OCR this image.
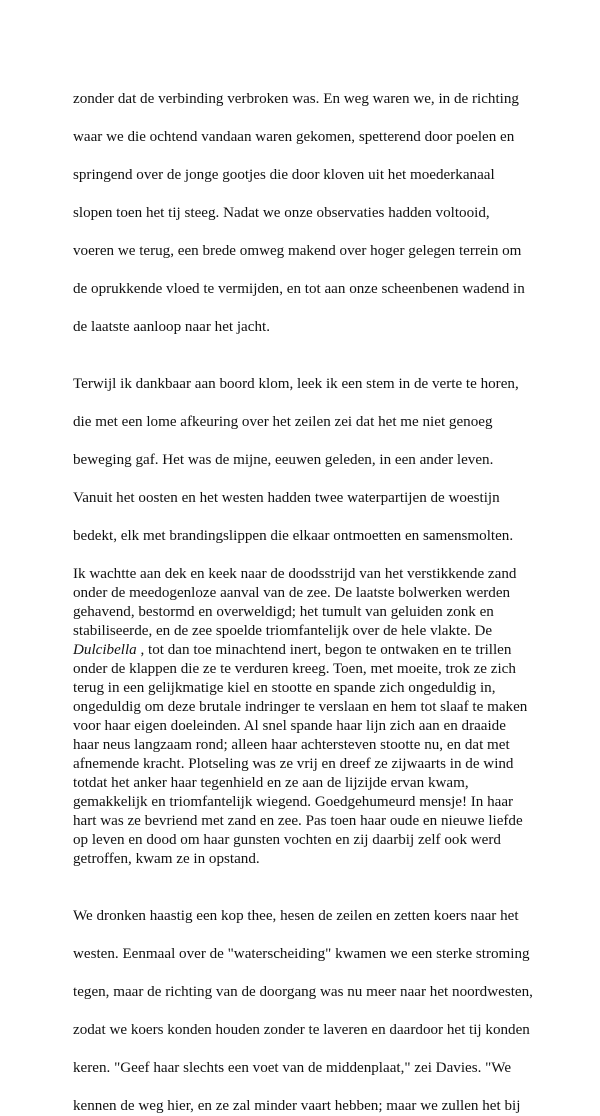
zonder dat de verbinding verbroken was. En weg waren we, in de richting

waar we die ochtend vandaan waren gekomen, spetterend door poelen en

springend over de jonge gootjes die door kloven uit het moederkanaal

slopen toen het tij steeg. Nadat we onze observaties hadden voltooid,

voeren we terug, een brede omweg makend over hoger gelegen terrein om

de oprukkende vloed te vermijden, en tot aan onze scheenbenen wadend in

de laatste aanloop naar het jacht.

Terwijl ik dankbaar aan boord klom, leek ik een stem in de verte te horen,

die met een lome afkeuring over het zeilen zei dat het me niet genoeg

beweging gaf. Het was de mijne, eeuwen geleden, in een ander leven.

Vanuit het oosten en het westen hadden twee waterpartijen de woestijn

bedekt, elk met brandingslippen die elkaar ontmoetten en samensmolten.

Ik wachtte aan dek en keek naar de doodsstrijd van het verstikkende zand
onder de meedogenloze aanval van de zee. De laatste bolwerken werden
gehavend, bestormd en overweldigd; het tumult van geluiden zonk en
stabiliseerde, en de zee spoelde triomfantelijk over de hele vlakte. De
Dulcibella , tot dan toe minachtend inert, begon te ontwaken en te trillen
onder de klappen die ze te verduren kreeg. Toen, met moeite, trok ze zich
terug in een gelijkmatige kiel en stootte en spande zich ongeduldig in,
ongeduldig om deze brutale indringer te verslaan en hem tot slaaf te maken
voor haar eigen doeleinden. Al snel spande haar lijn zich aan en draaide
haar neus langzaam rond; alleen haar achtersteven stootte nu, en dat met
afnemende kracht. Plotseling was ze vrij en dreef ze zijwaarts in de wind
totdat het anker haar tegenhield en ze aan de lijzijde ervan kwam,
gemakkelijk en triomfantelijk wiegend. Goedgehumeurd mensje! In haar
hart was ze bevriend met zand en zee. Pas toen haar oude en nieuwe liefde
op leven en dood om haar gunsten vochten en zij daarbij zelf ook werd
getroffen, kwam ze in opstand.

We dronken haastig een kop thee, hesen de zeilen en zetten koers naar het

westen. Eenmaal over de "waterscheiding" kwamen we een sterke stroming

tegen, maar de richting van de doorgang was nu meer naar het noordwesten,

zodat we koers konden houden zonder te laveren en daardoor het tij konden

keren. "Geef haar slechts een voet van de middenplaat," zei Davies. "We

kennen de weg hier, en ze zal minder vaart hebben; maar we zullen het bij
